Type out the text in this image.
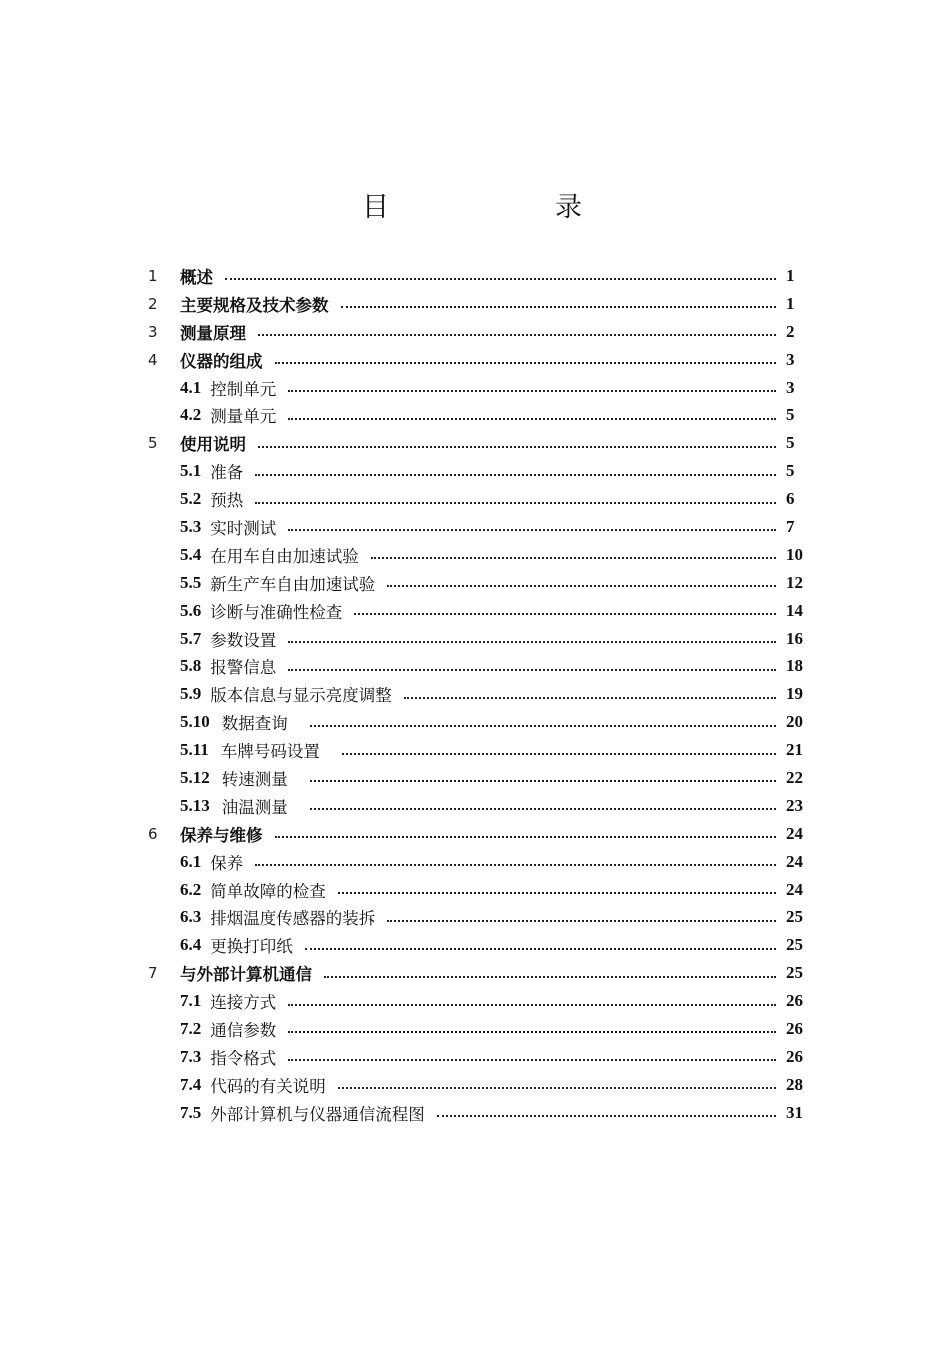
目	录
1	概述	1
2	主要规格及技术参数	1
3	测量原理	2
4	仪器的组成	3
4.1 控制单元	3
4.2 测量单元	5
5	使用说明	5
5.1 准备	5
5.2 预热	6
5.3 实时测试	7
5.4 在用车自由加速试验	10
5.5 新生产车自由加速试验	12
5.6 诊断与准确性检查	14
5.7 参数设置	16
5.8 报警信息	18
5.9 版本信息与显示亮度调整	19
5.10 数据查询	20
5.11 车牌号码设置	21
5.12 转速测量	22
5.13 油温测量	23
6	保养与维修	24
6.1 保养	24
6.2 简单故障的检查	24
6.3 排烟温度传感器的装拆	25
6.4 更换打印纸	25
7	与外部计算机通信	25
7.1 连接方式	26
7.2 通信参数	26
7.3 指令格式	26
7.4 代码的有关说明	28
7.5 外部计算机与仪器通信流程图	31
